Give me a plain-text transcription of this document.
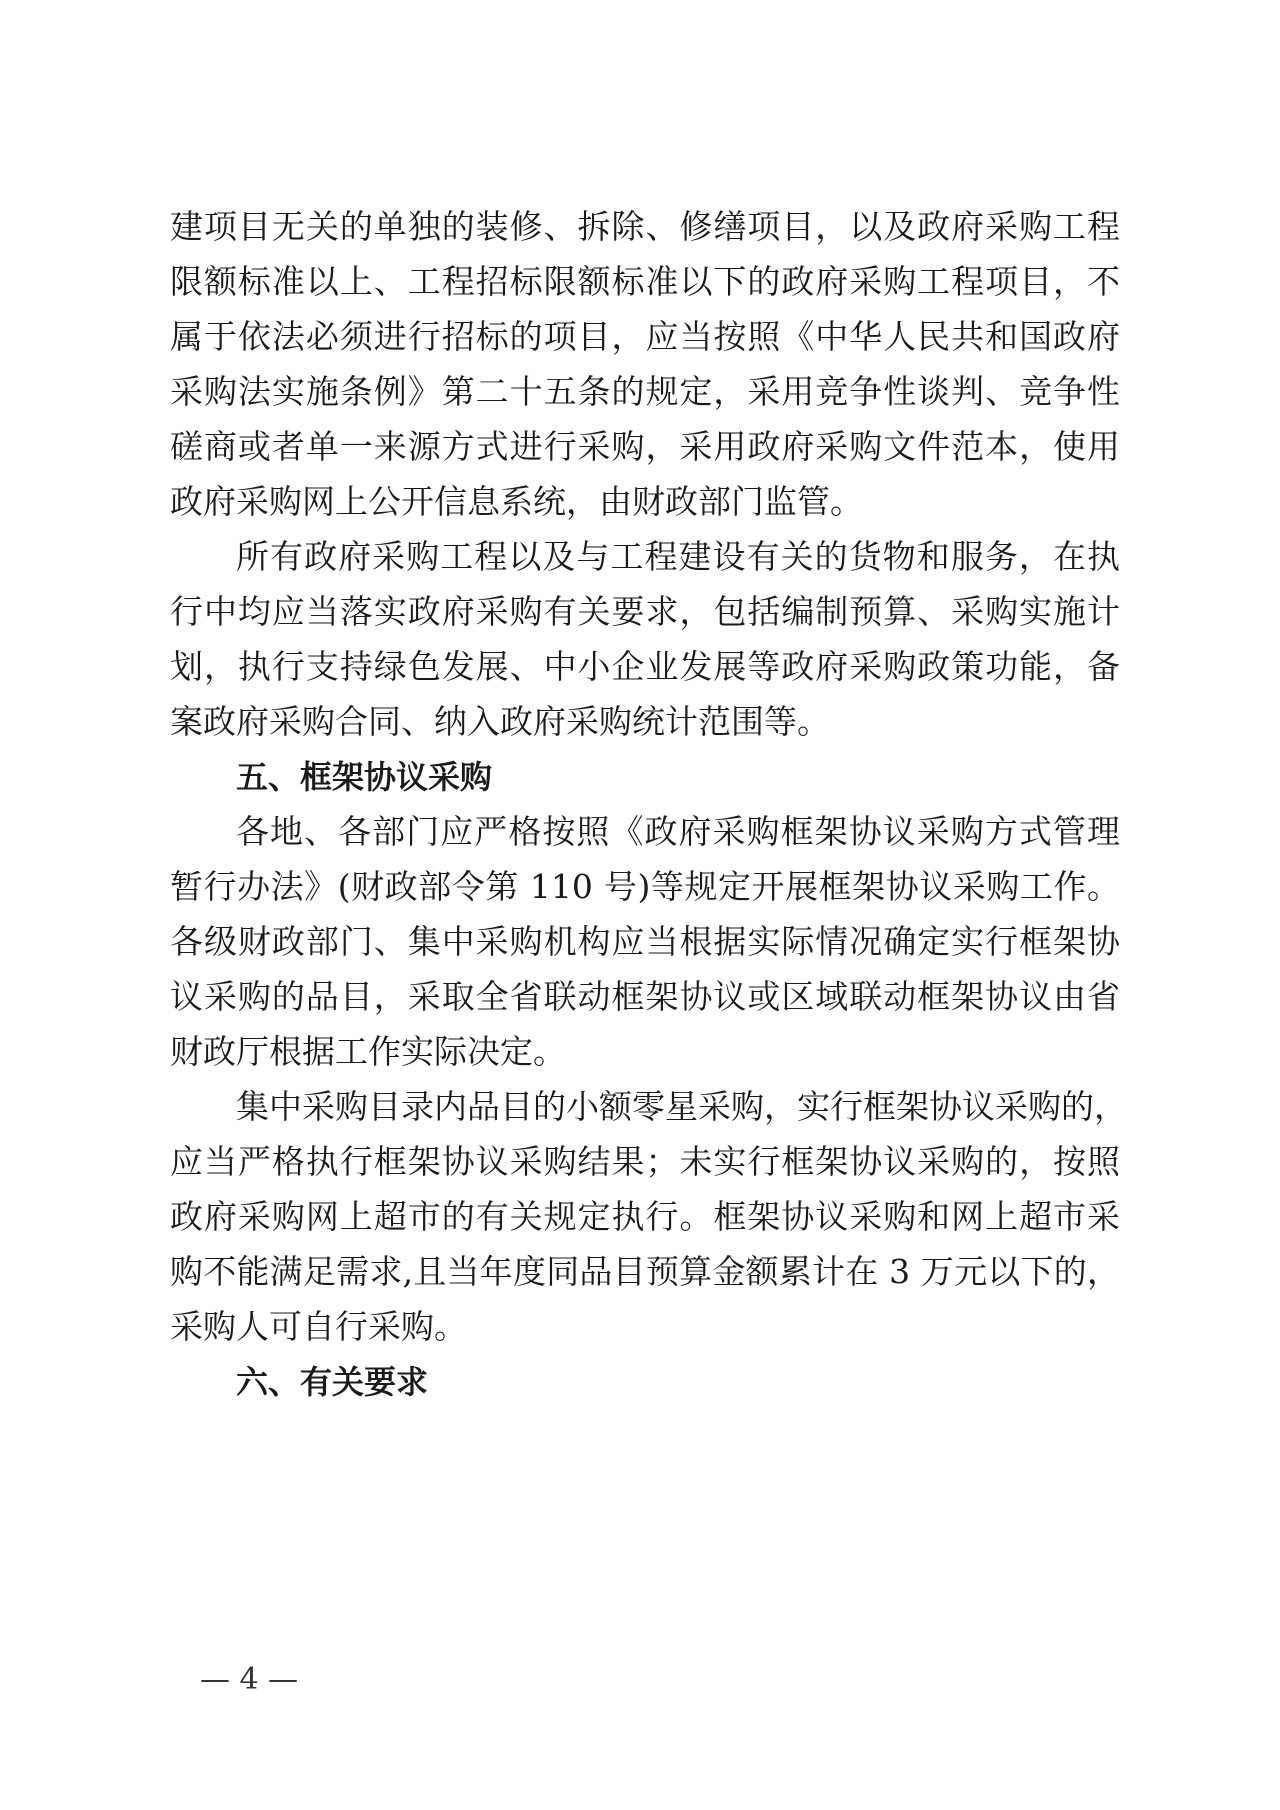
建项目无关的单独的装修、拆除、修缮项目，以及政府采购工程
限额标准以上、工程招标限额标准以下的政府采购工程项目，不
属于依法必须进行招标的项目，应当按照《中华人民共和国政府
采购法实施条例》第二十五条的规定，采用竞争性谈判、竞争性
磋商或者单一来源方式进行采购，采用政府采购文件范本，使用
政府采购网上公开信息系统，由财政部门监管。
所有政府采购工程以及与工程建设有关的货物和服务，在执
行中均应当落实政府采购有关要求，包括编制预算、采购实施计
划，执行支持绿色发展、中小企业发展等政府采购政策功能，备
案政府采购合同、纳入政府采购统计范围等。
五、框架协议采购
各地、各部门应严格按照《政府采购框架协议采购方式管理
暂行办法》(财政部令第 110 号)等规定开展框架协议采购工作。
各级财政部门、集中采购机构应当根据实际情况确定实行框架协
议采购的品目，采取全省联动框架协议或区域联动框架协议由省
财政厅根据工作实际决定。
集中采购目录内品目的小额零星采购，实行框架协议采购的，
应当严格执行框架协议采购结果；未实行框架协议采购的，按照
政府采购网上超市的有关规定执行。框架协议采购和网上超市采
购不能满足需求,且当年度同品目预算金额累计在 3 万元以下的，
采购人可自行采购。
六、有关要求
— 4 —
